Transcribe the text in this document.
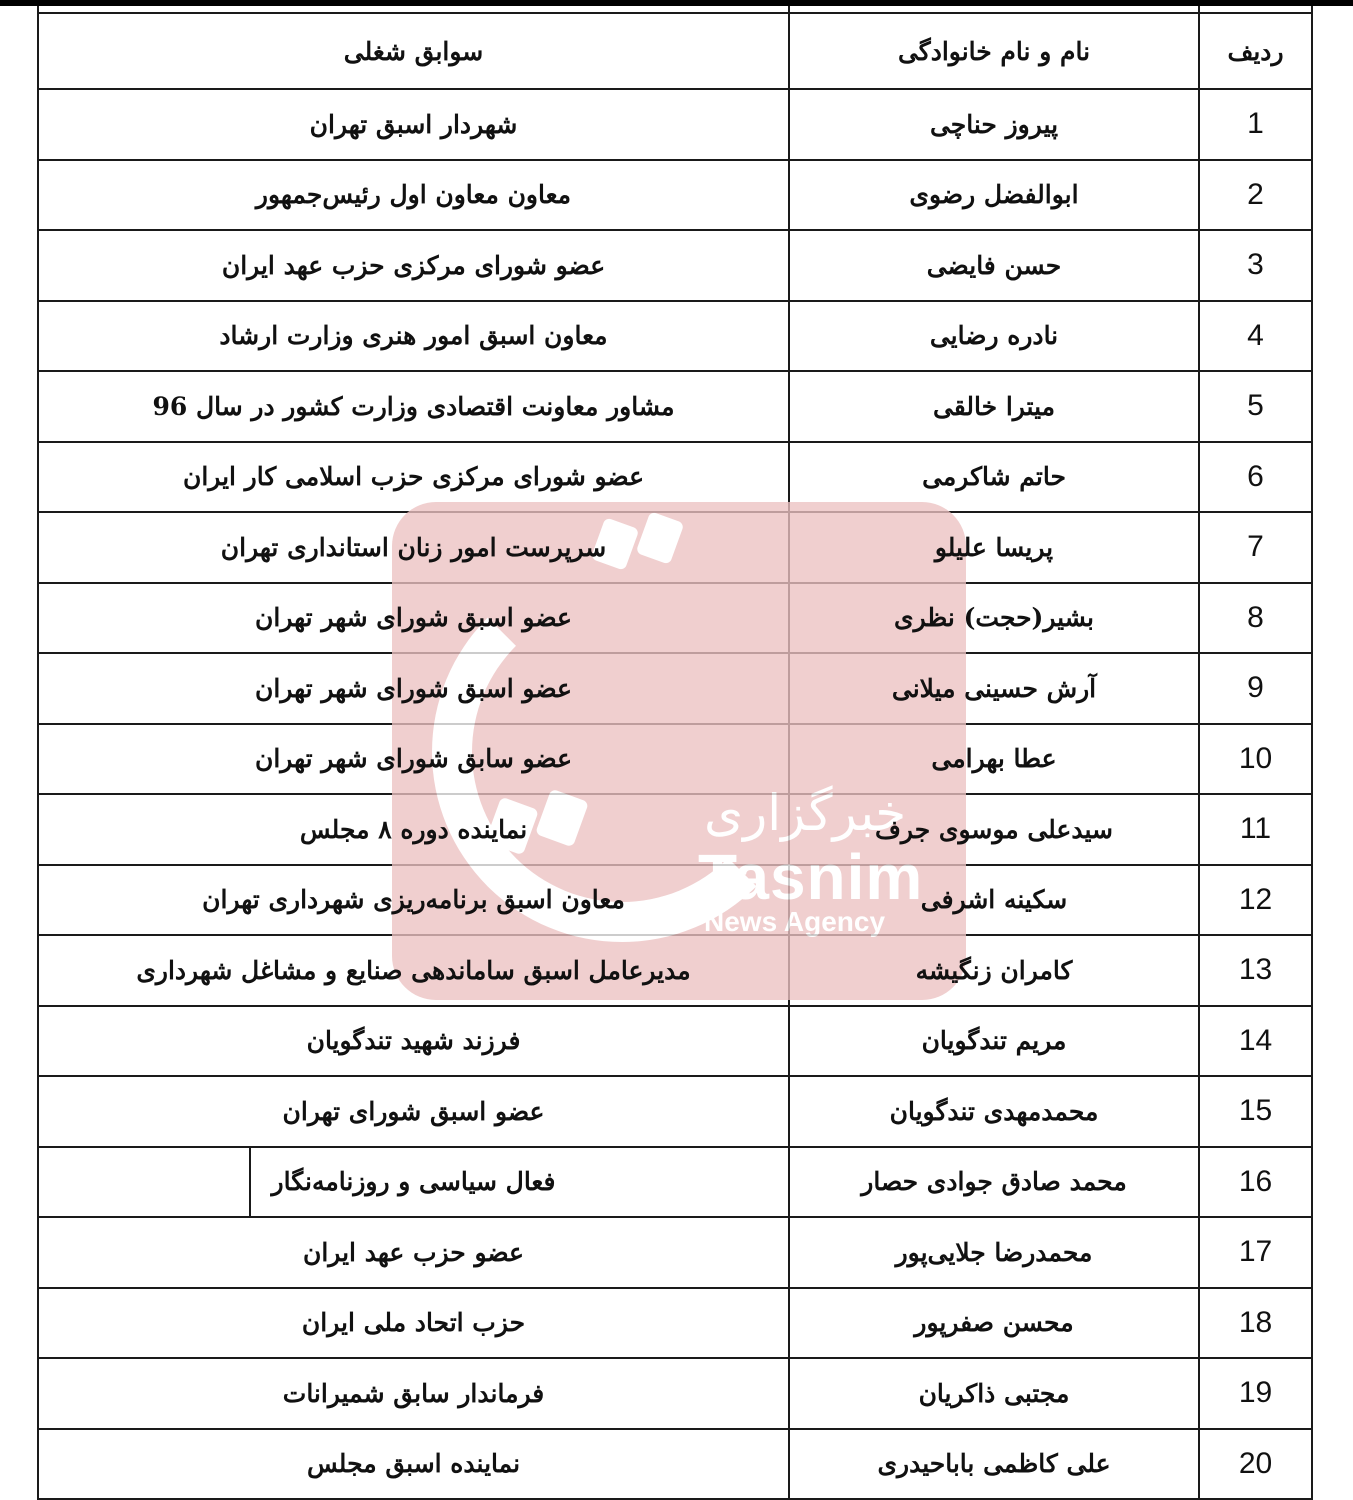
خبرگزاری
Tasnim
News Agency

ردیف	نام و نام خانوادگی	سوابق شغلی
1	پیروز حناچی	شهردار اسبق تهران
2	ابوالفضل رضوی	معاون معاون اول رئیس‌جمهور
3	حسن فایضی	عضو شورای مرکزی حزب عهد ایران
4	نادره رضایی	معاون اسبق امور هنری وزارت ارشاد
5	میترا خالقی	مشاور معاونت اقتصادی وزارت کشور در سال 96
6	حاتم شاکرمی	عضو شورای مرکزی حزب اسلامی کار ایران
7	پریسا علیلو	سرپرست امور زنان استانداری تهران
8	بشیر(حجت) نظری	عضو اسبق شورای شهر تهران
9	آرش حسینی میلانی	عضو اسبق شورای شهر تهران
10	عطا بهرامی	عضو سابق شورای شهر تهران
11	سیدعلی موسوی جرف	نماینده دوره ۸ مجلس
12	سکینه اشرفی	معاون اسبق برنامه‌ریزی شهرداری تهران
13	کامران زنگیشه	مدیرعامل اسبق ساماندهی صنایع و مشاغل شهرداری
14	مریم تندگویان	فرزند شهید تندگویان
15	محمدمهدی تندگویان	عضو اسبق شورای تهران
16	محمد صادق جوادی حصار	فعال سیاسی و روزنامه‌نگار

17	محمدرضا جلایی‌پور	عضو حزب عهد ایران
18	محسن صفرپور	حزب اتحاد ملی ایران
19	مجتبی ذاکریان	فرماندار سابق شمیرانات
20	علی کاظمی باباحیدری	نماینده اسبق مجلس
